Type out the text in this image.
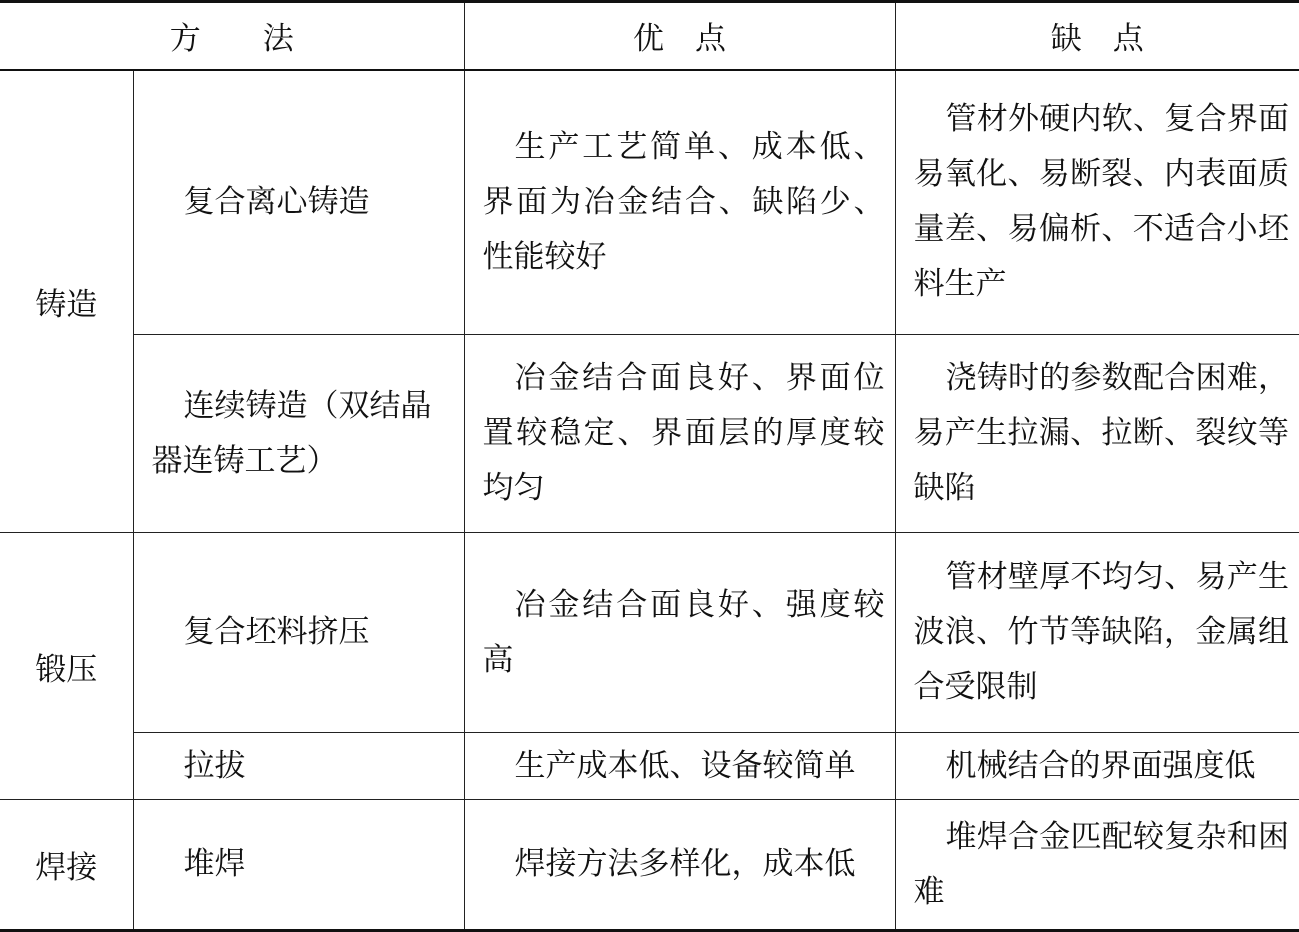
方　　法		优　点	缺　点
铸造	复合离心铸造	生产工艺简单、成本低、界面为冶金结合、缺陷少、性能较好	管材外硬内软、复合界面易氧化、易断裂、内表面质量差、易偏析、不适合小坯料生产
	连续铸造（双结晶器连铸工艺）	冶金结合面良好、界面位置较稳定、界面层的厚度较均匀	浇铸时的参数配合困难，易产生拉漏、拉断、裂纹等缺陷
锻压	复合坯料挤压	冶金结合面良好、强度较高	管材壁厚不均匀、易产生波浪、竹节等缺陷，金属组合受限制
	拉拔	生产成本低、设备较简单	机械结合的界面强度低
焊接	堆焊	焊接方法多样化，成本低	堆焊合金匹配较复杂和困难
